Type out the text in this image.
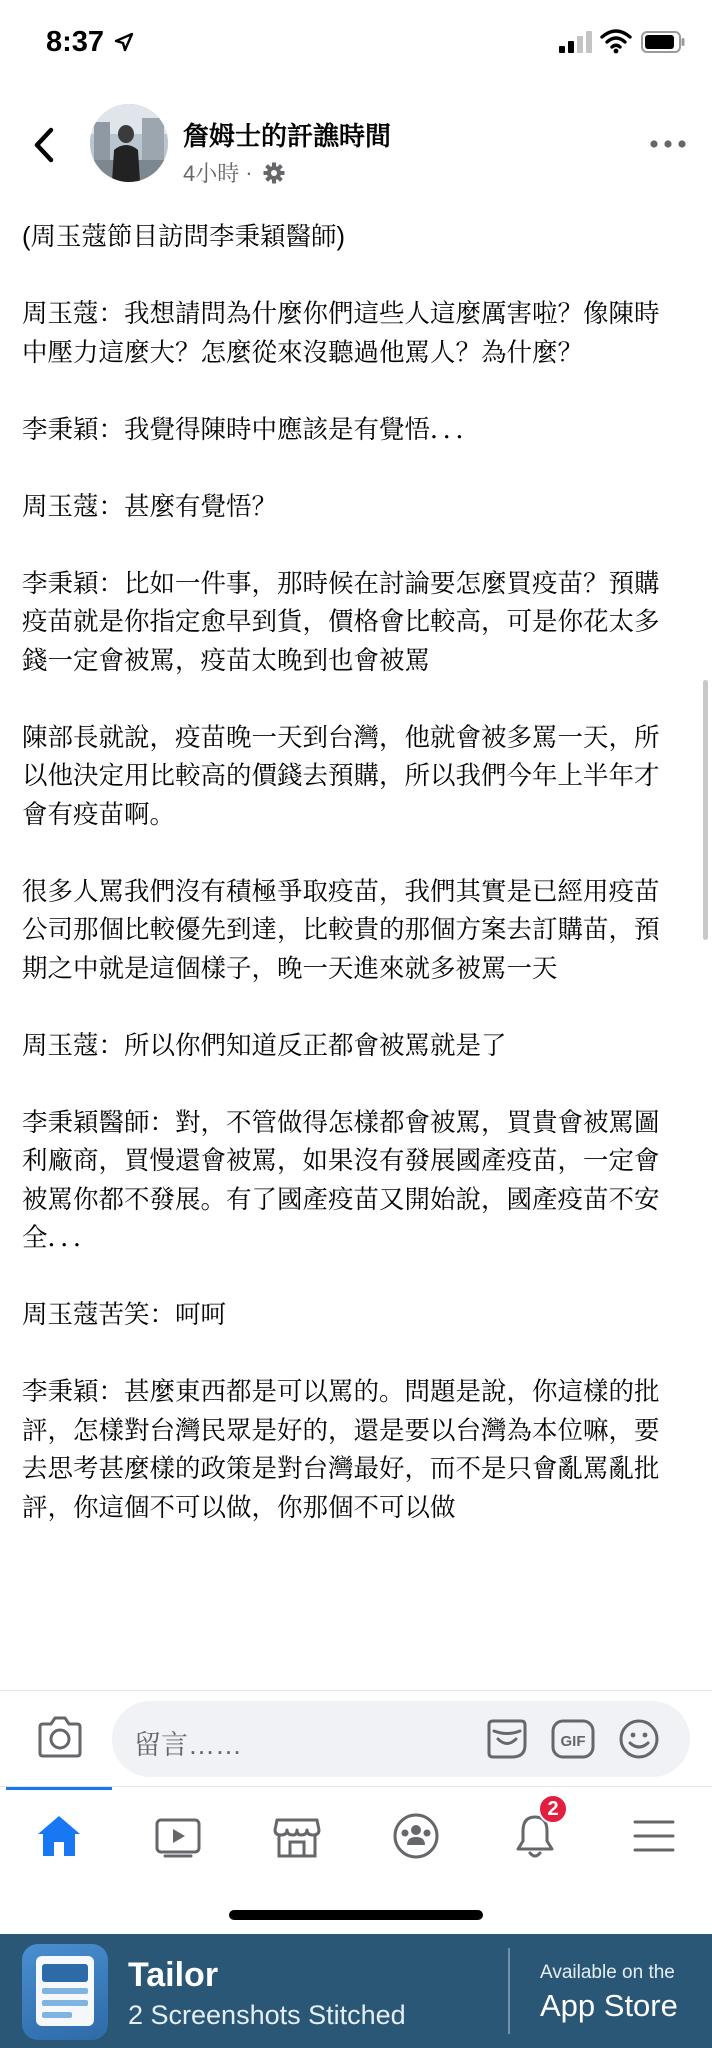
8:37
詹姆士的訐譙時間
4小時 ·

(周玉蔻節目訪問李秉穎醫師)

周玉蔻：我想請問為什麼你們這些人這麼厲害啦？像陳時中壓力這麼大？怎麼從來沒聽過他罵人？為什麼？

李秉穎：我覺得陳時中應該是有覺悟．．．

周玉蔻：甚麼有覺悟？

李秉穎：比如一件事，那時候在討論要怎麼買疫苗？預購疫苗就是你指定愈早到貨，價格會比較高，可是你花太多錢一定會被罵，疫苗太晚到也會被罵

陳部長就說，疫苗晚一天到台灣，他就會被多罵一天，所以他決定用比較高的價錢去預購，所以我們今年上半年才會有疫苗啊。

很多人罵我們沒有積極爭取疫苗，我們其實是已經用疫苗公司那個比較優先到達，比較貴的那個方案去訂購苗，預期之中就是這個樣子，晚一天進來就多被罵一天

周玉蔻：所以你們知道反正都會被罵就是了

李秉穎醫師：對，不管做得怎樣都會被罵，買貴會被罵圖利廠商，買慢還會被罵，如果沒有發展國產疫苗，一定會被罵你都不發展。有了國產疫苗又開始說，國產疫苗不安全．．．

周玉蔻苦笑：呵呵

李秉穎：甚麼東西都是可以罵的。問題是說，你這樣的批評，怎樣對台灣民眾是好的，還是要以台灣為本位嘛，要去思考甚麼樣的政策是對台灣最好，而不是只會亂罵亂批評，你這個不可以做，你那個不可以做

留言……	GIF
2
Tailor
2 Screenshots Stitched
Available on the
App Store
